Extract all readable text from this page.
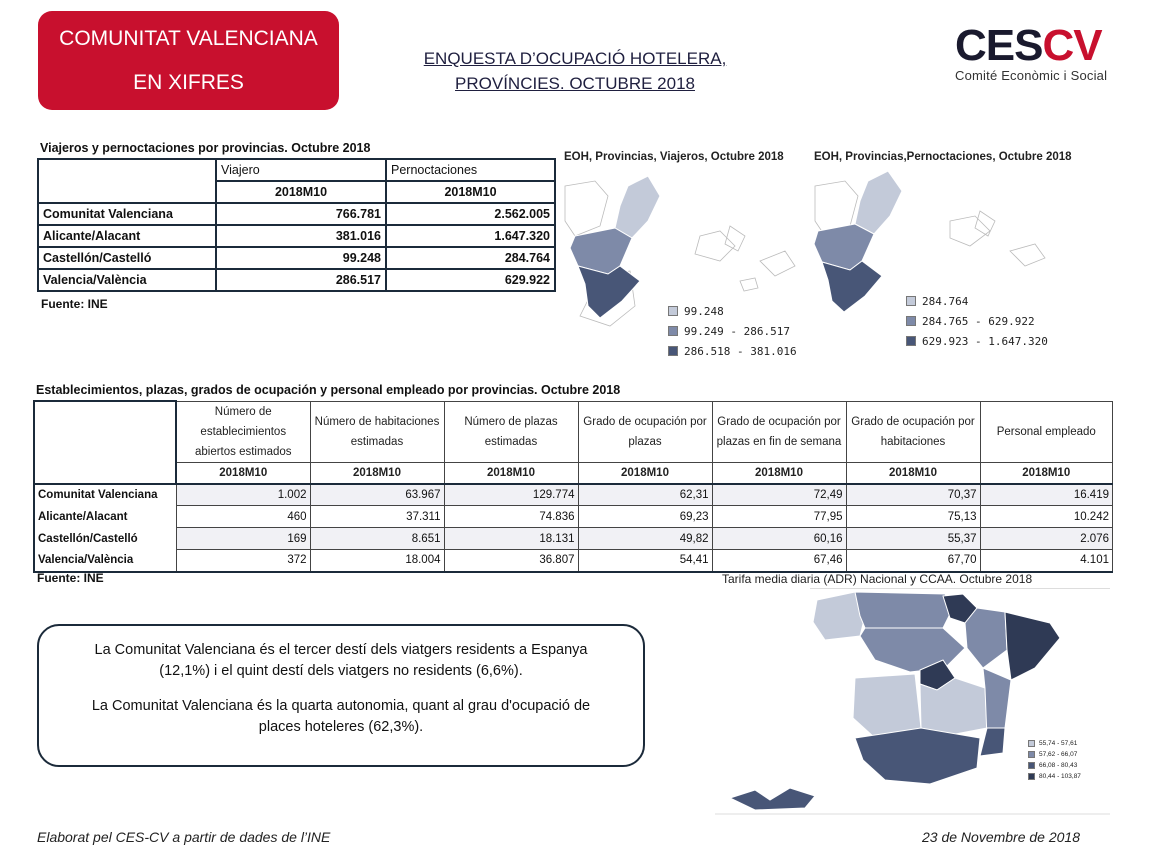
COMUNITAT VALENCIANA
EN XIFRES
ENQUESTA D’OCUPACIÓ HOTELERA,
PROVÍNCIES. OCTUBRE 2018
CESCV
Comité Econòmic i Social
Viajeros y pernoctaciones por provincias. Octubre 2018
	Viajero	Pernoctaciones
	2018M10	2018M10
Comunitat Valenciana	766.781	2.562.005
Alicante/Alacant	381.016	1.647.320
Castellón/Castelló	99.248	284.764
Valencia/València	286.517	629.922
Fuente: INE
EOH, Provincias, Viajeros, Octubre 2018	EOH, Provincias,Pernoctaciones, Octubre 2018
99.248
99.249 - 286.517
286.518 - 381.016
284.764
284.765 - 629.922
629.923 - 1.647.320
Establecimientos, plazas, grados de ocupación y personal empleado por provincias. Octubre 2018
	Número de establecimientos abiertos estimados	Número de habitaciones estimadas	Número de plazas estimadas	Grado de ocupación por plazas	Grado de ocupación por plazas en fin de semana	Grado de ocupación por habitaciones	Personal empleado
	2018M10	2018M10	2018M10	2018M10	2018M10	2018M10	2018M10
Comunitat Valenciana	1.002	63.967	129.774	62,31	72,49	70,37	16.419
Alicante/Alacant	460	37.311	74.836	69,23	77,95	75,13	10.242
Castellón/Castelló	169	8.651	18.131	49,82	60,16	55,37	2.076
Valencia/València	372	18.004	36.807	54,41	67,46	67,70	4.101
Fuente: INE

La Comunitat Valenciana és el tercer destí dels viatgers residents a Espanya (12,1%) i el quint destí dels viatgers no residents (6,6%).

La Comunitat Valenciana és la quarta autonomia, quant al grau d'ocupació de places hoteleres (62,3%).

Tarifa media diaria (ADR) Nacional y CCAA. Octubre 2018
55,74 - 57,61
57,62 - 66,07
66,08 - 80,43
80,44 - 103,87
Elaborat pel CES-CV a partir de dades de l’INE	23 de Novembre de 2018
